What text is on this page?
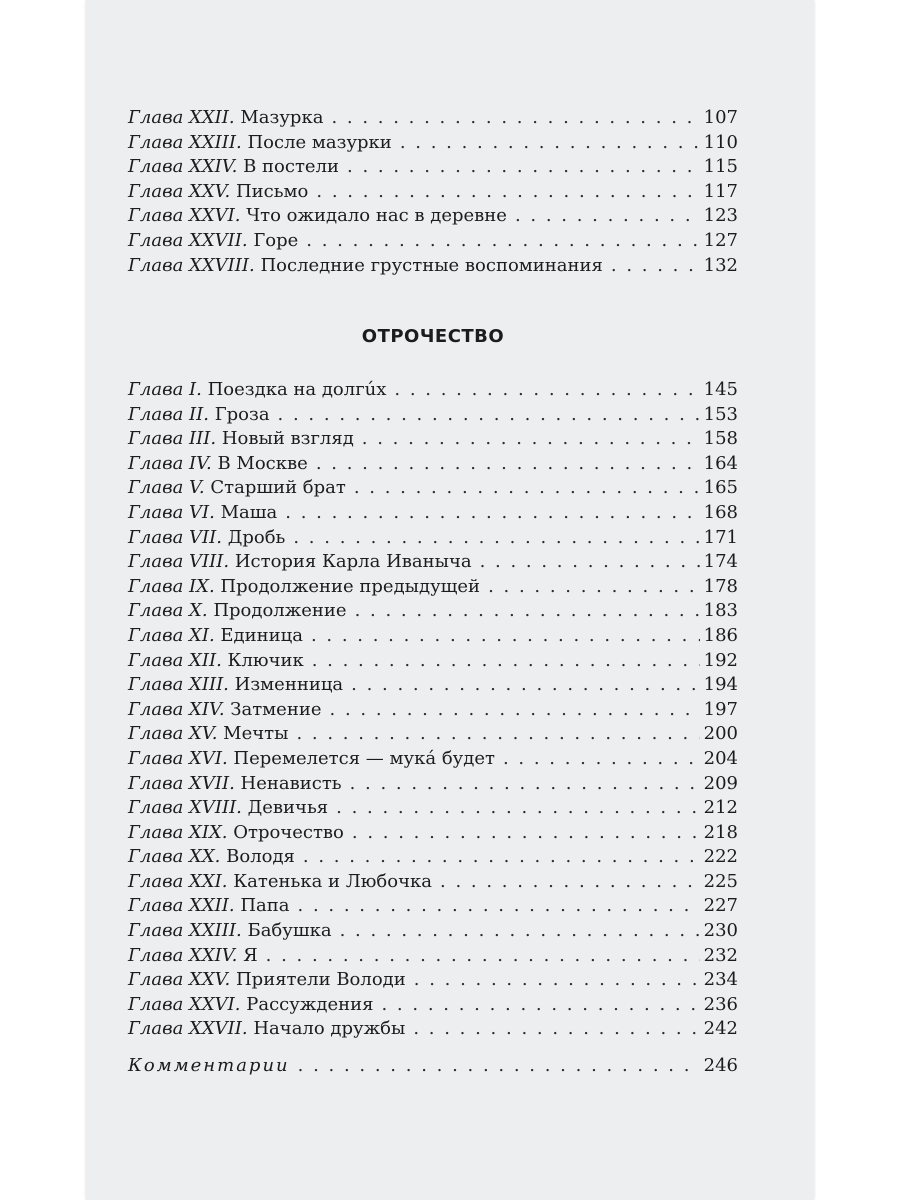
Глава XXII. Мазурка . . .	107
Глава XXIII. После мазурки . . .	110
Глава XXIV. В постели . . .	115
Глава XXV. Письмо . . .	117
Глава XXVI. Что ожидало нас в деревне . . .	123
Глава XXVII. Горе . . .	127
Глава XXVIII. Последние грустные воспоминания . . .	132
ОТРОЧЕСТВО
Глава I. Поездка на долгúх . . .	145
Глава II. Гроза . . .	153
Глава III. Новый взгляд . . .	158
Глава IV. В Москве . . .	164
Глава V. Старший брат . . .	165
Глава VI. Маша . . .	168
Глава VII. Дробь . . .	171
Глава VIII. История Карла Иваныча . . .	174
Глава IX. Продолжение предыдущей . . .	178
Глава X. Продолжение . . .	183
Глава XI. Единица . . .	186
Глава XII. Ключик . . .	192
Глава XIII. Изменница . . .	194
Глава XIV. Затмение . . .	197
Глава XV. Мечты . . .	200
Глава XVI. Перемелется — мукá будет . . .	204
Глава XVII. Ненависть . . .	209
Глава XVIII. Девичья . . .	212
Глава XIX. Отрочество . . .	218
Глава XX. Володя . . .	222
Глава XXI. Катенька и Любочка . . .	225
Глава XXII. Папа . . .	227
Глава XXIII. Бабушка . . .	230
Глава XXIV. Я . . .	232
Глава XXV. Приятели Володи . . .	234
Глава XXVI. Рассуждения . . .	236
Глава XXVII. Начало дружбы . . .	242
Комментарии . . .	246
